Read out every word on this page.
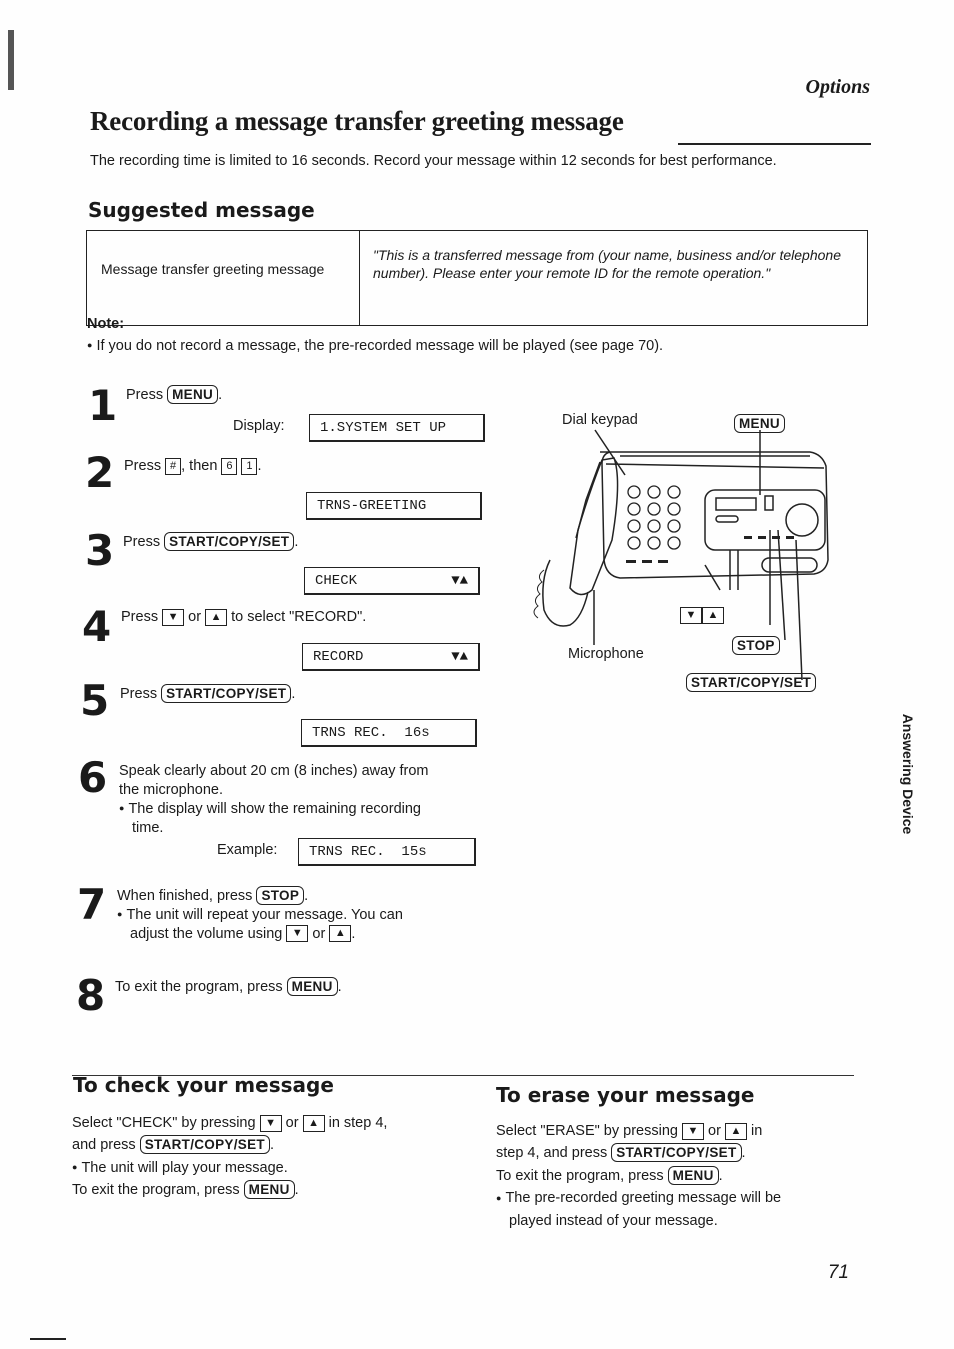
Options
Recording a message transfer greeting message
The recording time is limited to 16 seconds. Record your message within 12 seconds for best performance.
Suggested message
Message transfer greeting message
"This is a transferred message from (your name, business and/or telephone number). Please enter your remote ID for the remote operation."
Note:
● If you do not record a message, the pre-recorded message will be played (see page 70).
1 Press MENU .
Display:	1.SYSTEM SET UP
2 Press # , then 6 1 .
TRNS-GREETING
3 Press START/COPY/SET .
CHECK	▼▲
4 Press ▼ or ▲ to select "RECORD".
RECORD	▼▲
5 Press START/COPY/SET .
TRNS REC.  16s
6 Speak clearly about 20 cm (8 inches) away from
the microphone.
● The display will show the remaining recording
time.
Example: TRNS REC.  15s
7 When finished, press STOP .
● The unit will repeat your message. You can
adjust the volume using ▼ or ▲ .
8 To exit the program, press MENU .
Dial keypad	MENU
▼ ▲
Microphone
STOP
START/COPY/SET
Answering Device
To check your message
Select "CHECK" by pressing ▼ or ▲ in step 4,
and press START/COPY/SET .
● The unit will play your message.
To exit the program, press MENU .
To erase your message
Select "ERASE" by pressing ▼ or ▲ in
step 4, and press START/COPY/SET .
To exit the program, press MENU .
● The pre-recorded greeting message will be
played instead of your message.
71
